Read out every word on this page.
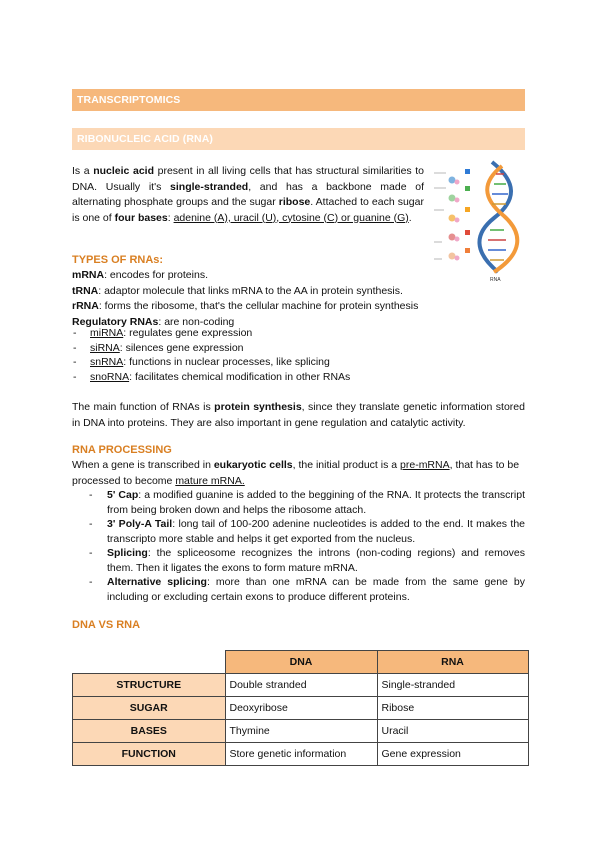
TRANSCRIPTOMICS
RIBONUCLEIC ACID (RNA)
Is a nucleic acid present in all living cells that has structural similarities to DNA. Usually it's single-stranded, and has a backbone made of alternating phosphate groups and the sugar ribose. Attached to each sugar is one of four bases: adenine (A), uracil (U), cytosine (C) or guanine (G).
RNA
TYPES OF RNAs:
mRNA: encodes for proteins.
tRNA: adaptor molecule that links mRNA to the AA in protein synthesis.
rRNA: forms the ribosome, that's the cellular machine for protein synthesis
Regulatory RNAs: are non-coding
- miRNA: regulates gene expression
- siRNA: silences gene expression
- snRNA: functions in nuclear processes, like splicing
- snoRNA: facilitates chemical modification in other RNAs
The main function of RNAs is protein synthesis, since they translate genetic information stored in DNA into proteins. They are also important in gene regulation and catalytic activity.
RNA PROCESSING
When a gene is transcribed in eukaryotic cells, the initial product is a pre-mRNA, that has to be processed to become mature mRNA.
- 5' Cap: a modified guanine is added to the beggining of the RNA. It protects the transcript from being broken down and helps the ribosome attach.
- 3' Poly-A Tail: long tail of 100-200 adenine nucleotides is added to the end. It makes the transcripto more stable and helps it get exported from the nucleus.
- Splicing: the spliceosome recognizes the introns (non-coding regions) and removes them. Then it ligates the exons to form mature mRNA.
- Alternative splicing: more than one mRNA can be made from the same gene by including or excluding certain exons to produce different proteins.
DNA VS RNA
	DNA	RNA
STRUCTURE	Double stranded	Single-stranded
SUGAR	Deoxyribose	Ribose
BASES	Thymine	Uracil
FUNCTION	Store genetic information	Gene expression
